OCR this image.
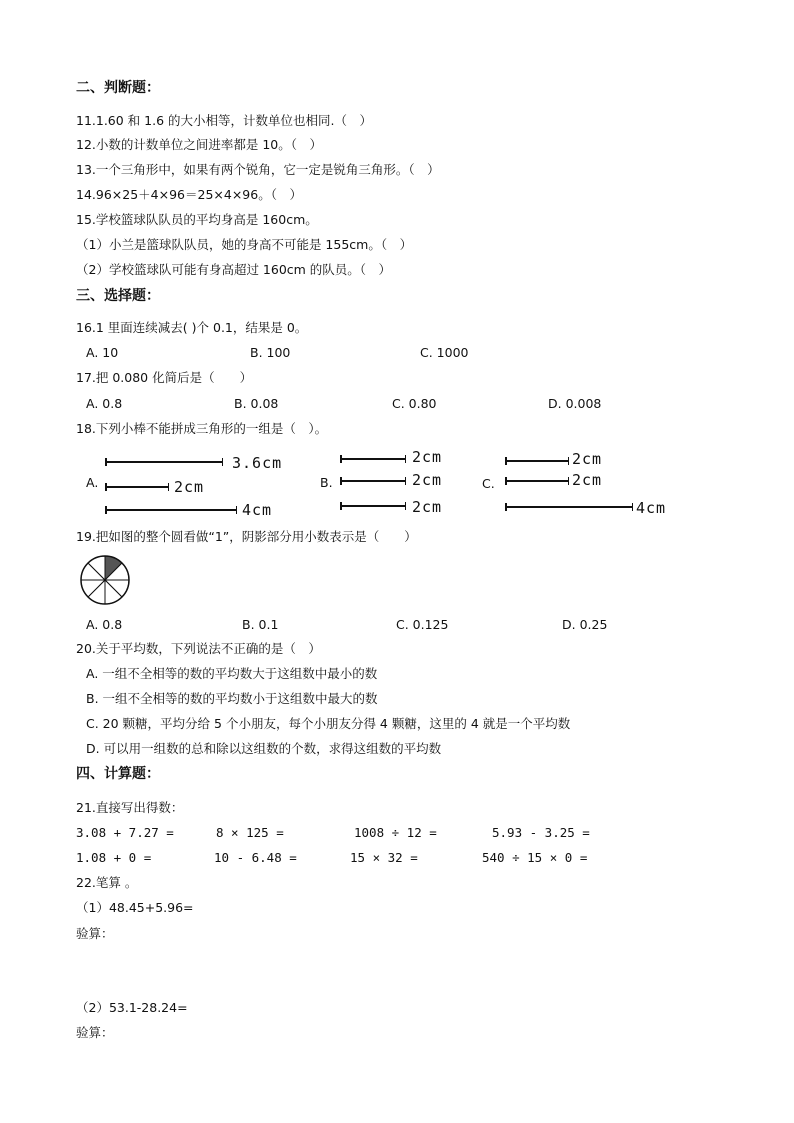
二、判断题：
11.1.60 和 1.6 的大小相等，计数单位也相同.（　）
12.小数的计数单位之间进率都是 10。（　）
13.一个三角形中，如果有两个锐角，它一定是锐角三角形。（　）
14.96×25＋4×96＝25×4×96。（　）
15.学校篮球队队员的平均身高是 160cm。
（1）小兰是篮球队队员，她的身高不可能是 155cm。（　）
（2）学校篮球队可能有身高超过 160cm 的队员。（　）
三、选择题：
16.1 里面连续减去( )个 0.1，结果是 0。
A. 10	B. 100	C. 1000
17.把 0.080 化简后是（　　）
A. 0.8	B. 0.08	C. 0.80	D. 0.008
18.下列小棒不能拼成三角形的一组是（　）。
A.
3.6cm
2cm
4cm
B.
2cm
2cm
2cm
C.
2cm
2cm
4cm
19.把如图的整个圆看做“1”，阴影部分用小数表示是（　　）
A. 0.8	B. 0.1	C. 0.125	D. 0.25
20.关于平均数，下列说法不正确的是（　）
A. 一组不全相等的数的平均数大于这组数中最小的数
B. 一组不全相等的数的平均数小于这组数中最大的数
C. 20 颗糖，平均分给 5 个小朋友，每个小朋友分得 4 颗糖，这里的 4 就是一个平均数
D. 可以用一组数的总和除以这组数的个数，求得这组数的平均数
四、计算题：
21.直接写出得数：
3.08 + 7.27 =	8 × 125 =	1008 ÷ 12 =	5.93 - 3.25 =
1.08 + 0 =	10 - 6.48 =	15 × 32 =	540 ÷ 15 × 0 =
22.笔算 。
（1）48.45+5.96=
验算：
（2）53.1-28.24=
验算：
